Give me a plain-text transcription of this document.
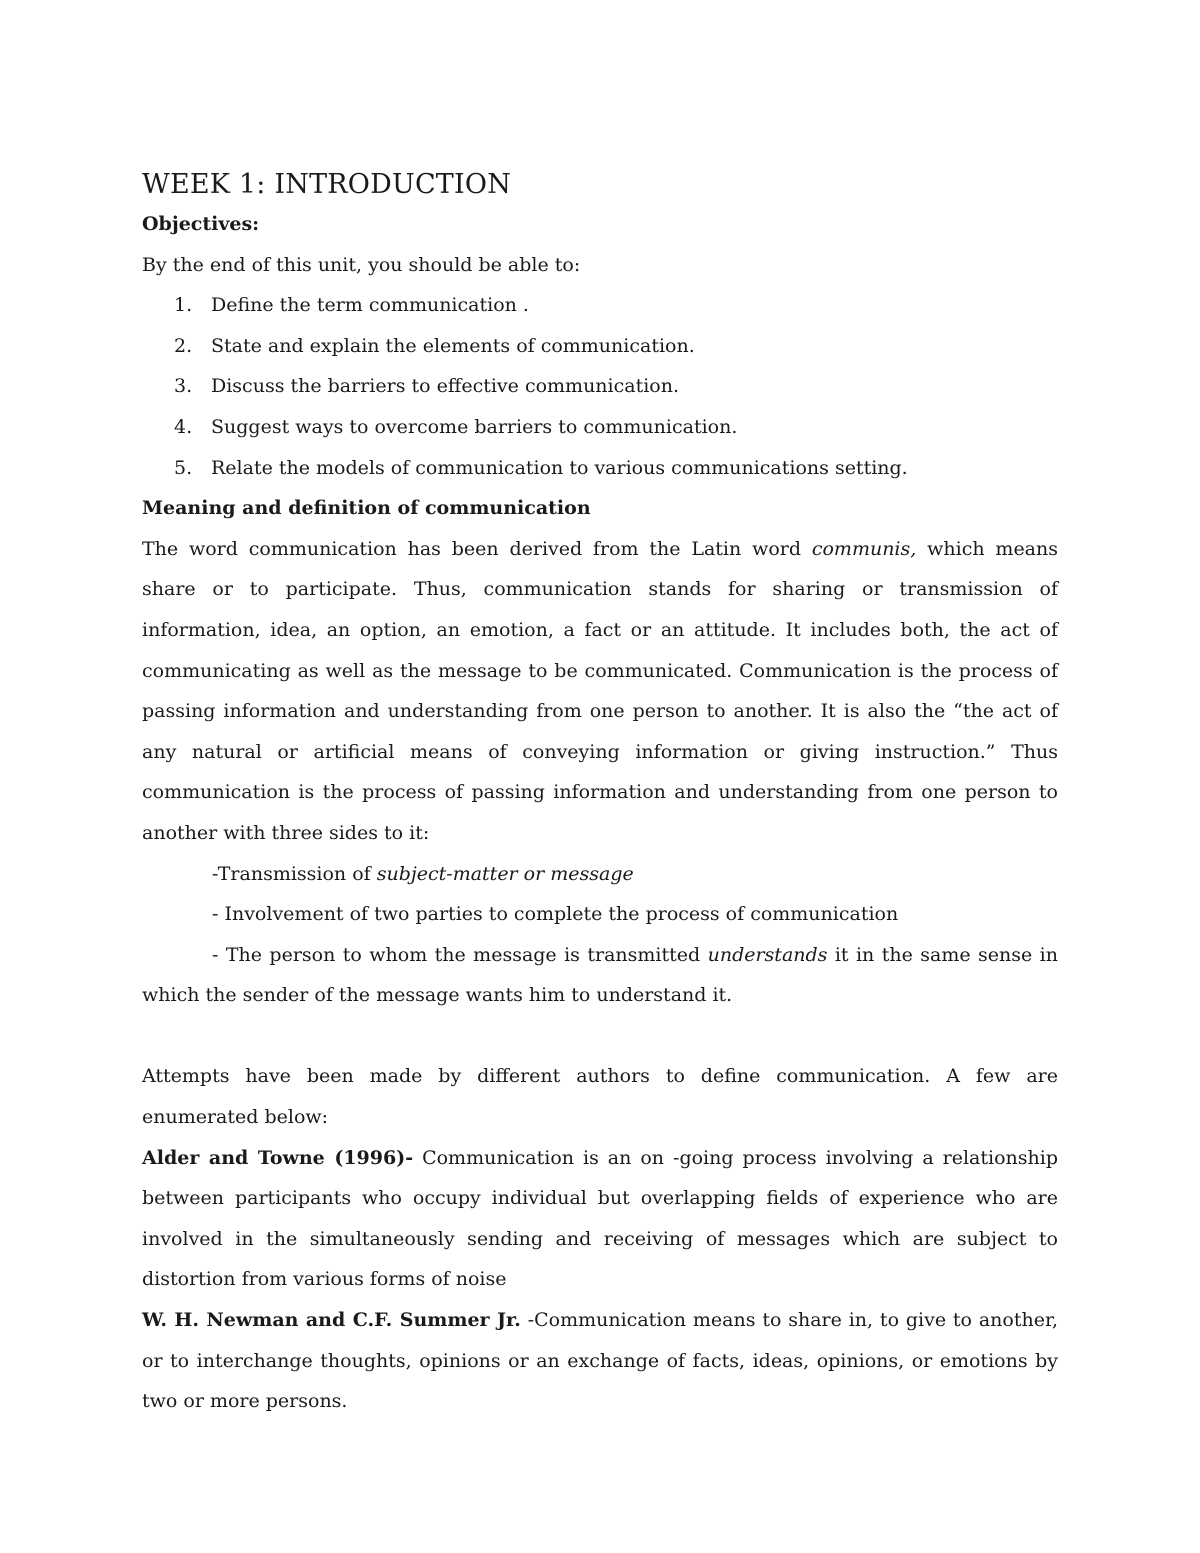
WEEK 1: INTRODUCTION

Objectives:

By the end of this unit, you should be able to:

1. Define the term communication .
2. State and explain the elements of communication.
3. Discuss the barriers to effective communication.
4. Suggest ways to overcome barriers to communication.
5. Relate the models of communication to various communications setting.

Meaning and definition of communication

The word communication has been derived from the Latin word communis, which means share or to participate. Thus, communication stands for sharing or transmission of information, idea, an option, an emotion, a fact or an attitude. It includes both, the act of communicating as well as the message to be communicated. Communication is the process of passing information and understanding from one person to another. It is also the “the act of any natural or artificial means of conveying information or giving instruction.” Thus communication is the process of passing information and understanding from one person to another with three sides to it:

-Transmission of subject-matter or message

- Involvement of two parties to complete the process of communication

- The person to whom the message is transmitted understands it in the same sense in which the sender of the message wants him to understand it.

Attempts have been made by different authors to define communication. A few are enumerated below:

Alder and Towne (1996)- Communication is an on -going process involving a relationship between participants who occupy individual but overlapping fields of experience who are involved in the simultaneously sending and receiving of messages which are subject to distortion from various forms of noise

W. H. Newman and C.F. Summer Jr. -Communication means to share in, to give to another, or to interchange thoughts, opinions or an exchange of facts, ideas, opinions, or emotions by two or more persons.
